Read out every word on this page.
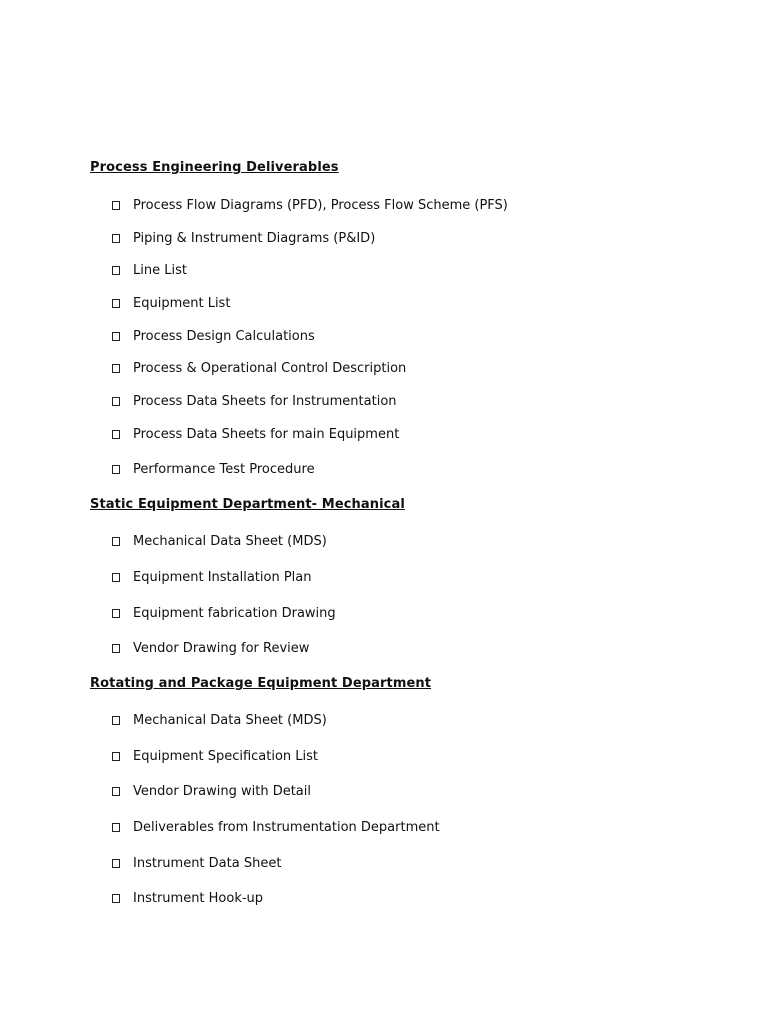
Process Engineering Deliverables
Process Flow Diagrams (PFD), Process Flow Scheme (PFS)
Piping & Instrument Diagrams (P&ID)
Line List
Equipment List
Process Design Calculations
Process & Operational Control Description
Process Data Sheets for Instrumentation
Process Data Sheets for main Equipment
Performance Test Procedure
Static Equipment Department- Mechanical
Mechanical Data Sheet (MDS)
Equipment Installation Plan
Equipment fabrication Drawing
Vendor Drawing for Review
Rotating and Package Equipment Department
Mechanical Data Sheet (MDS)
Equipment Specification List
Vendor Drawing with Detail
Deliverables from Instrumentation Department
Instrument Data Sheet
Instrument Hook-up
